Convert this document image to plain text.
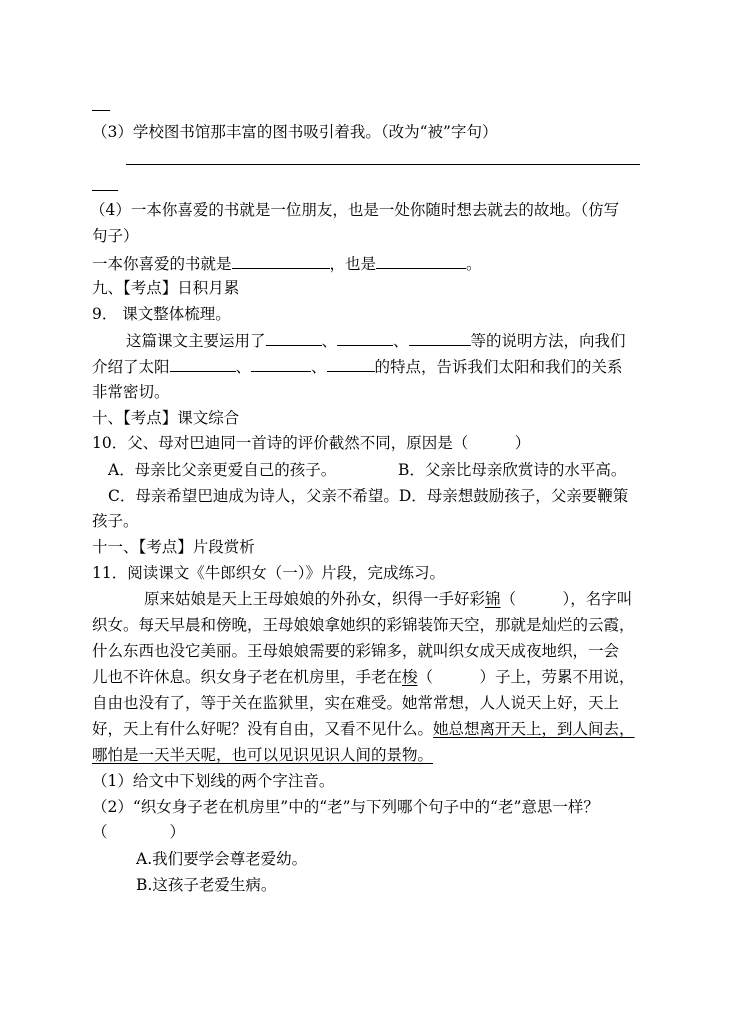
（3）学校图书馆那丰富的图书吸引着我。（改为“被”字句）
（4）一本你喜爱的书就是一位朋友，也是一处你随时想去就去的故地。（仿写
句子）
一本你喜爱的书就是	，也是	。
九、【考点】日积月累
9． 课文整体梳理。
这篇课文主要运用了	、	、	等的说明方法，向我们
介绍了太阳	、	、	的特点，告诉我们太阳和我们的关系
非常密切。
十、【考点】课文综合
10．父、母对巴迪同一首诗的评价截然不同，原因是（　　　）
A．母亲比父亲更爱自己的孩子。	B．父亲比母亲欣赏诗的水平高。
C．母亲希望巴迪成为诗人，父亲不希望。D．母亲想鼓励孩子，父亲要鞭策
孩子。
十一、【考点】片段赏析
11．阅读课文《牛郎织女（一）》片段，完成练习。
原来姑娘是天上王母娘娘的外孙女，织得一手好彩锦（　　　），名字叫
织女。每天早晨和傍晚，王母娘娘拿她织的彩锦装饰天空，那就是灿烂的云霞，
什么东西也没它美丽。王母娘娘需要的彩锦多，就叫织女成天成夜地织，一会
儿也不许休息。织女身子老在机房里，手老在梭（　　　）子上，劳累不用说，
自由也没有了，等于关在监狱里，实在难受。她常常想，人人说天上好，天上
好，天上有什么好呢？没有自由，又看不见什么。她总想离开天上，到人间去，
哪怕是一天半天呢，也可以见识见识人间的景物。
（1）给文中下划线的两个字注音。
（2）“织女身子老在机房里”中的“老”与下列哪个句子中的“老”意思一样？
（　　　　）
A.我们要学会尊老爱幼。
B.这孩子老爱生病。
